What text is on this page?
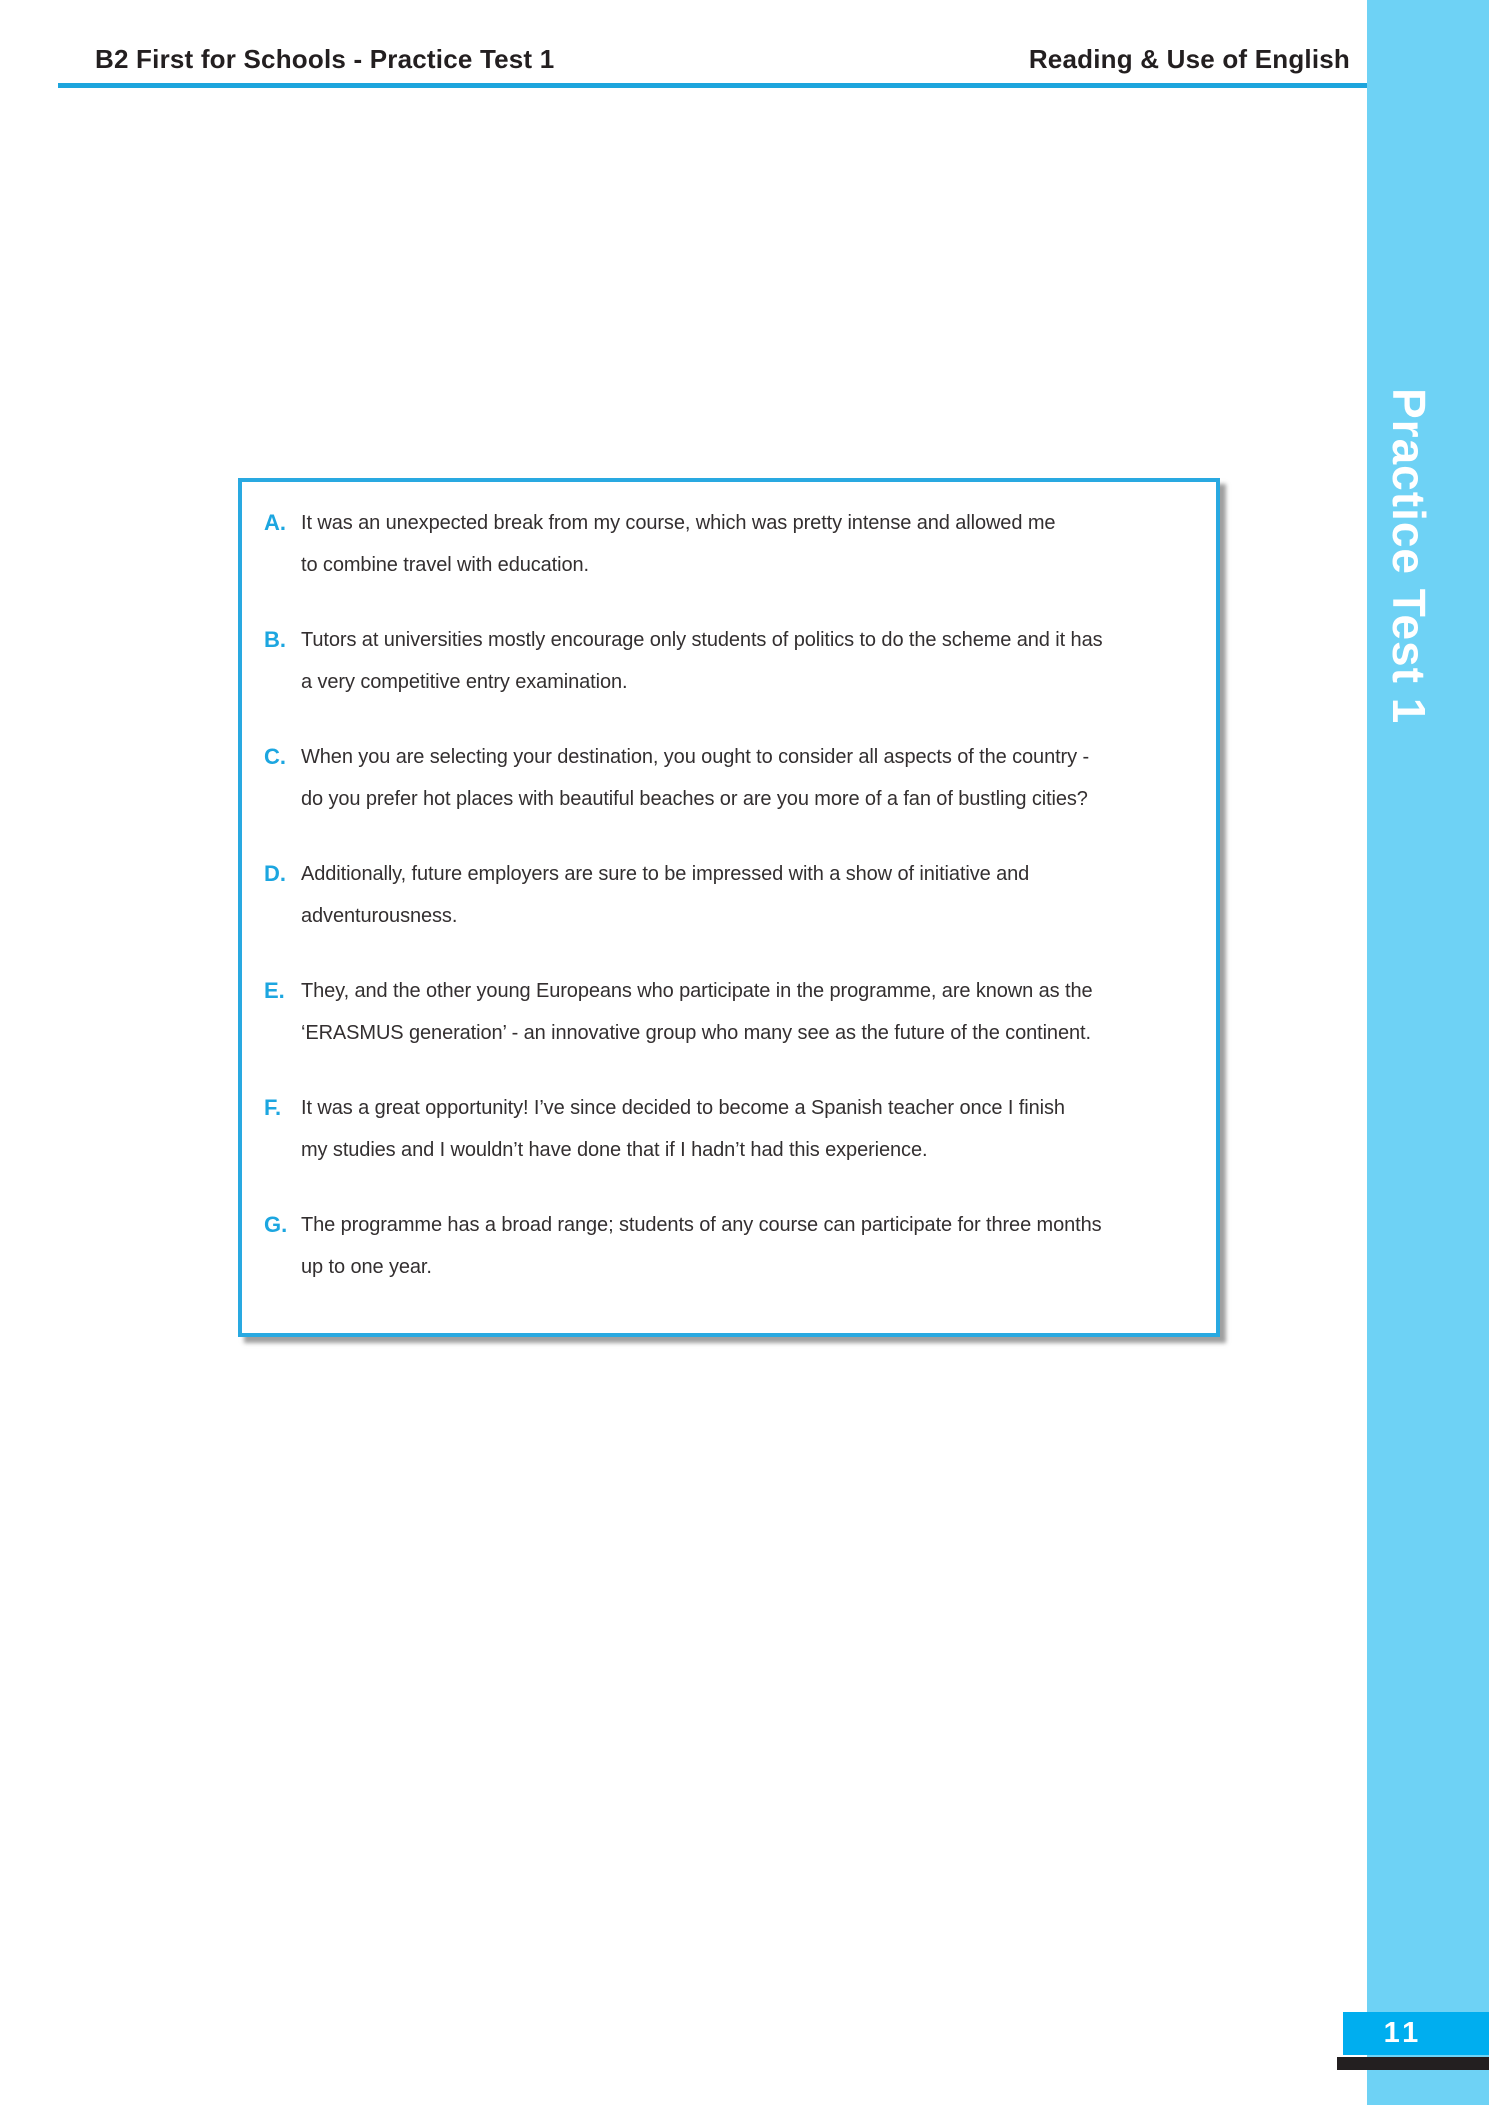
B2 First for Schools - Practice Test 1	Reading & Use of English
Practice Test 1
A. It was an unexpected break from my course, which was pretty intense and allowed me
to combine travel with education.
B. Tutors at universities mostly encourage only students of politics to do the scheme and it has
a very competitive entry examination.
C. When you are selecting your destination, you ought to consider all aspects of the country -
do you prefer hot places with beautiful beaches or are you more of a fan of bustling cities?
D. Additionally, future employers are sure to be impressed with a show of initiative and
adventurousness.
E. They, and the other young Europeans who participate in the programme, are known as the
‘ERASMUS generation’ - an innovative group who many see as the future of the continent.
F. It was a great opportunity! I’ve since decided to become a Spanish teacher once I finish
my studies and I wouldn’t have done that if I hadn’t had this experience.
G. The programme has a broad range; students of any course can participate for three months
up to one year.
11
